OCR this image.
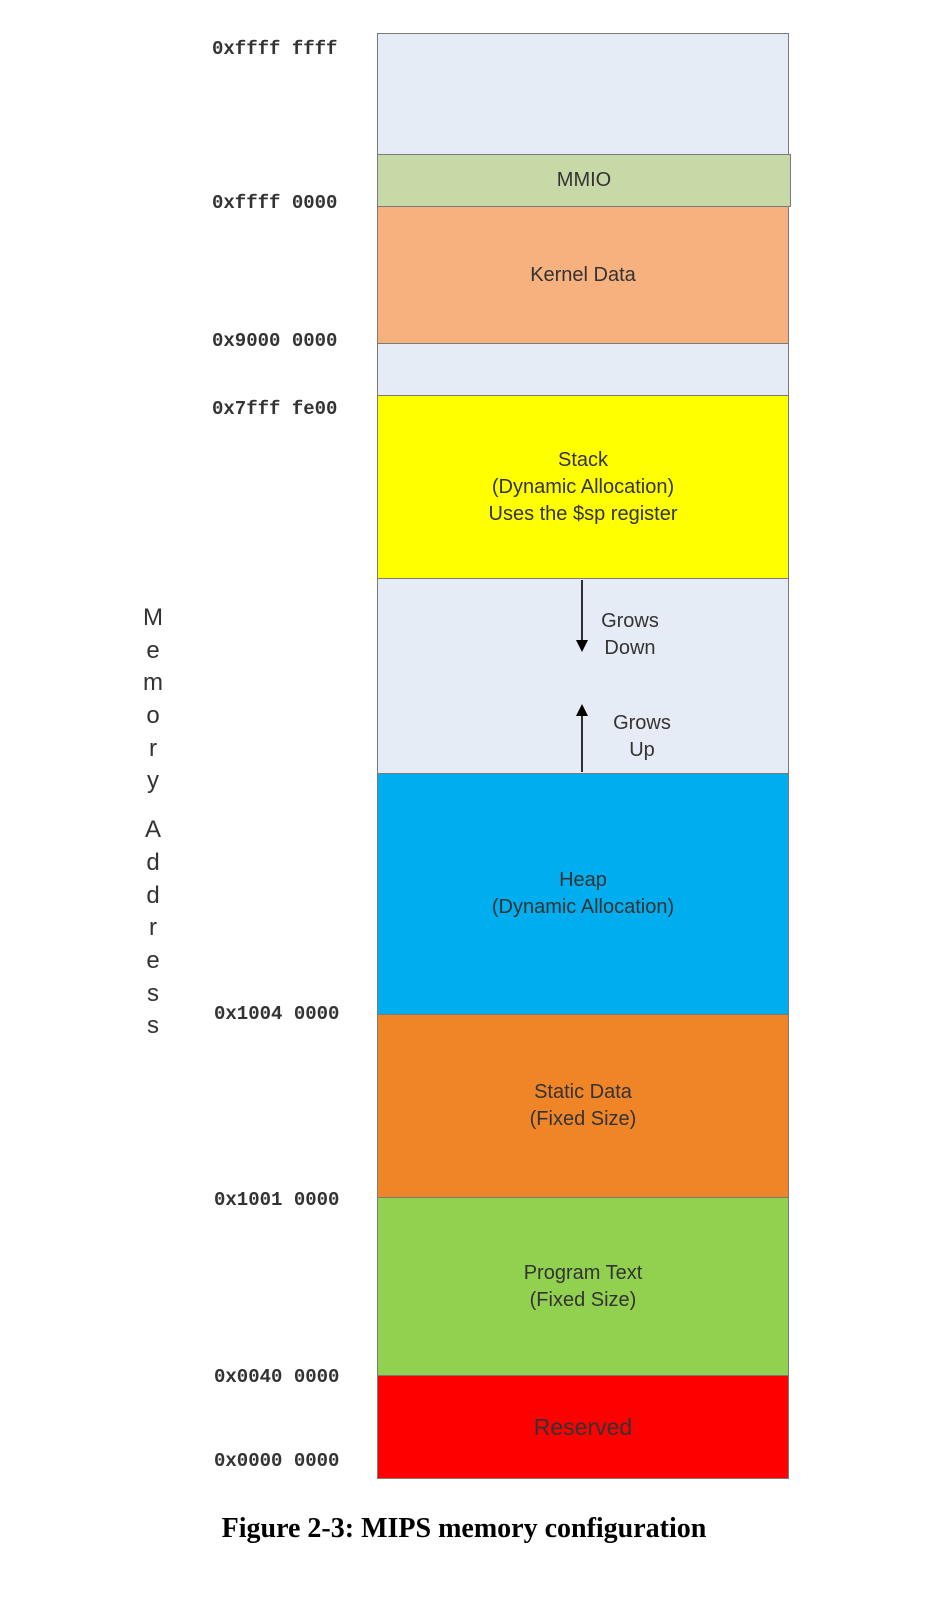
0xffff ffff
0xffff 0000
0x9000 0000
0x7fff fe00
0x1004 0000
0x1001 0000
0x0040 0000
0x0000 0000
M
e
m
o
r
y
A
d
d
r
e
s
s
MMIO
Kernel Data
Stack
(Dynamic Allocation)
Uses the $sp register
Heap
(Dynamic Allocation)
Static Data
(Fixed Size)
Program Text
(Fixed Size)
Reserved
Grows
Down
Grows
Up
Figure 2-3: MIPS memory configuration
